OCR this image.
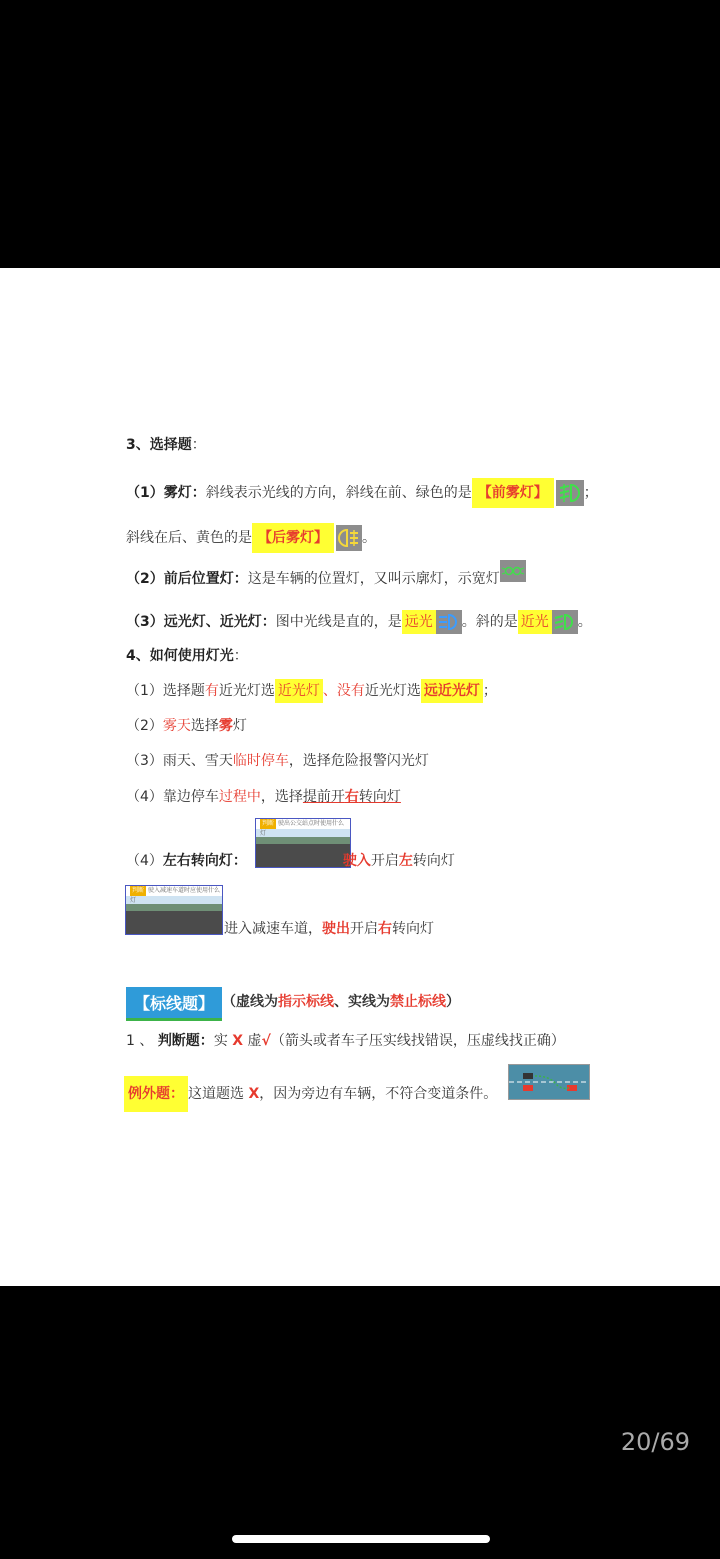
3、选择题：
（1）雾灯：斜线表示光线的方向，斜线在前、绿色的是 【前雾灯】	；
斜线在后、黄色的是 【后雾灯】 。
（2）前后位置灯：这是车辆的位置灯，又叫示廓灯，示宽灯
（3）远光灯、近光灯：图中光线是直的，是 远光 。斜的是 近光 。
4、如何使用灯光：
（1）选择题有近光灯选 近光灯 、没有近光灯选 远近光灯 ；
（2）雾天选择雾灯
（3）雨天、雪天临时停车，选择危险报警闪光灯
（4）靠边停车过程中，选择提前开右转向灯
判断 驶出公交站点时使用什么灯
（4）左右转向灯：	驶入开启左转向灯
判断 驶入减速车道时应使用什么灯
进入减速车道，驶出开启右转向灯
【标线题】 （虚线为指示标线、实线为禁止标线）
1 、 判断题：实 X 虚√（箭头或者车子压实线找错误，压虚线找正确）
例外题： 这道题选 X，因为旁边有车辆，不符合变道条件。
20/69
